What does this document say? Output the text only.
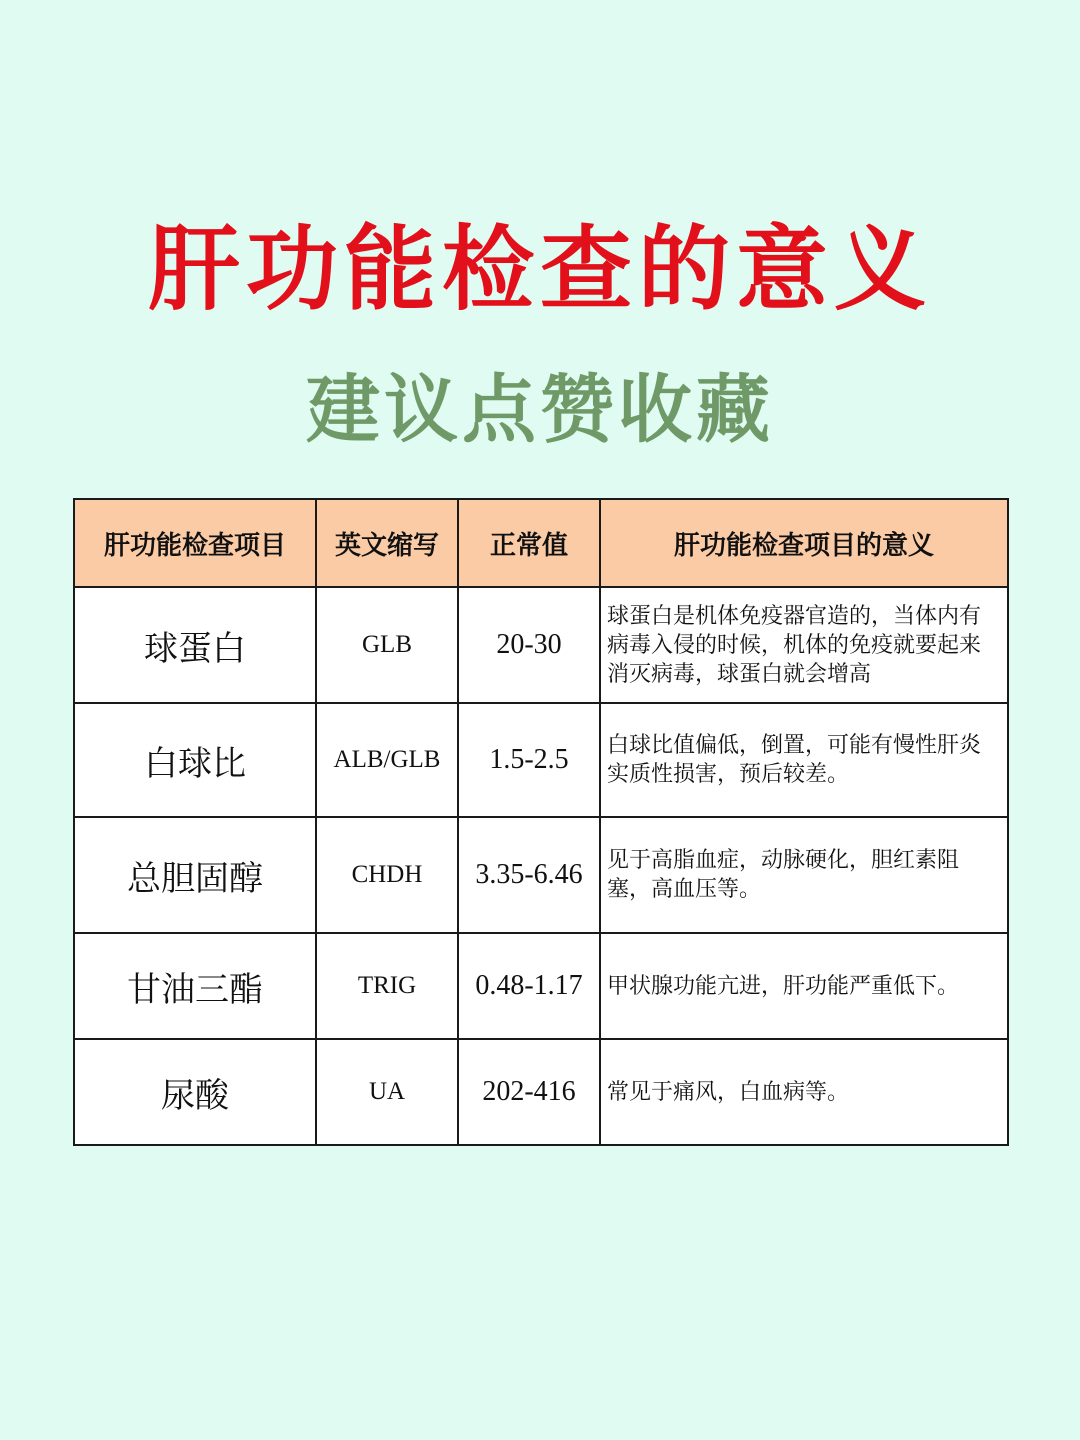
肝功能检查的意义
建议点赞收藏
肝功能检查项目	英文缩写	正常值	肝功能检查项目的意义
球蛋白	GLB	20-30	球蛋白是机体免疫器官造的，当体内有病毒入侵的时候，机体的免疫就要起来消灭病毒，球蛋白就会增高
白球比	ALB/GLB	1.5-2.5	白球比值偏低，倒置，可能有慢性肝炎实质性损害，预后较差。
总胆固醇	CHDH	3.35-6.46	见于高脂血症，动脉硬化，胆红素阻塞，高血压等。
甘油三酯	TRIG	0.48-1.17	甲状腺功能亢进，肝功能严重低下。
尿酸	UA	202-416	常见于痛风，白血病等。
